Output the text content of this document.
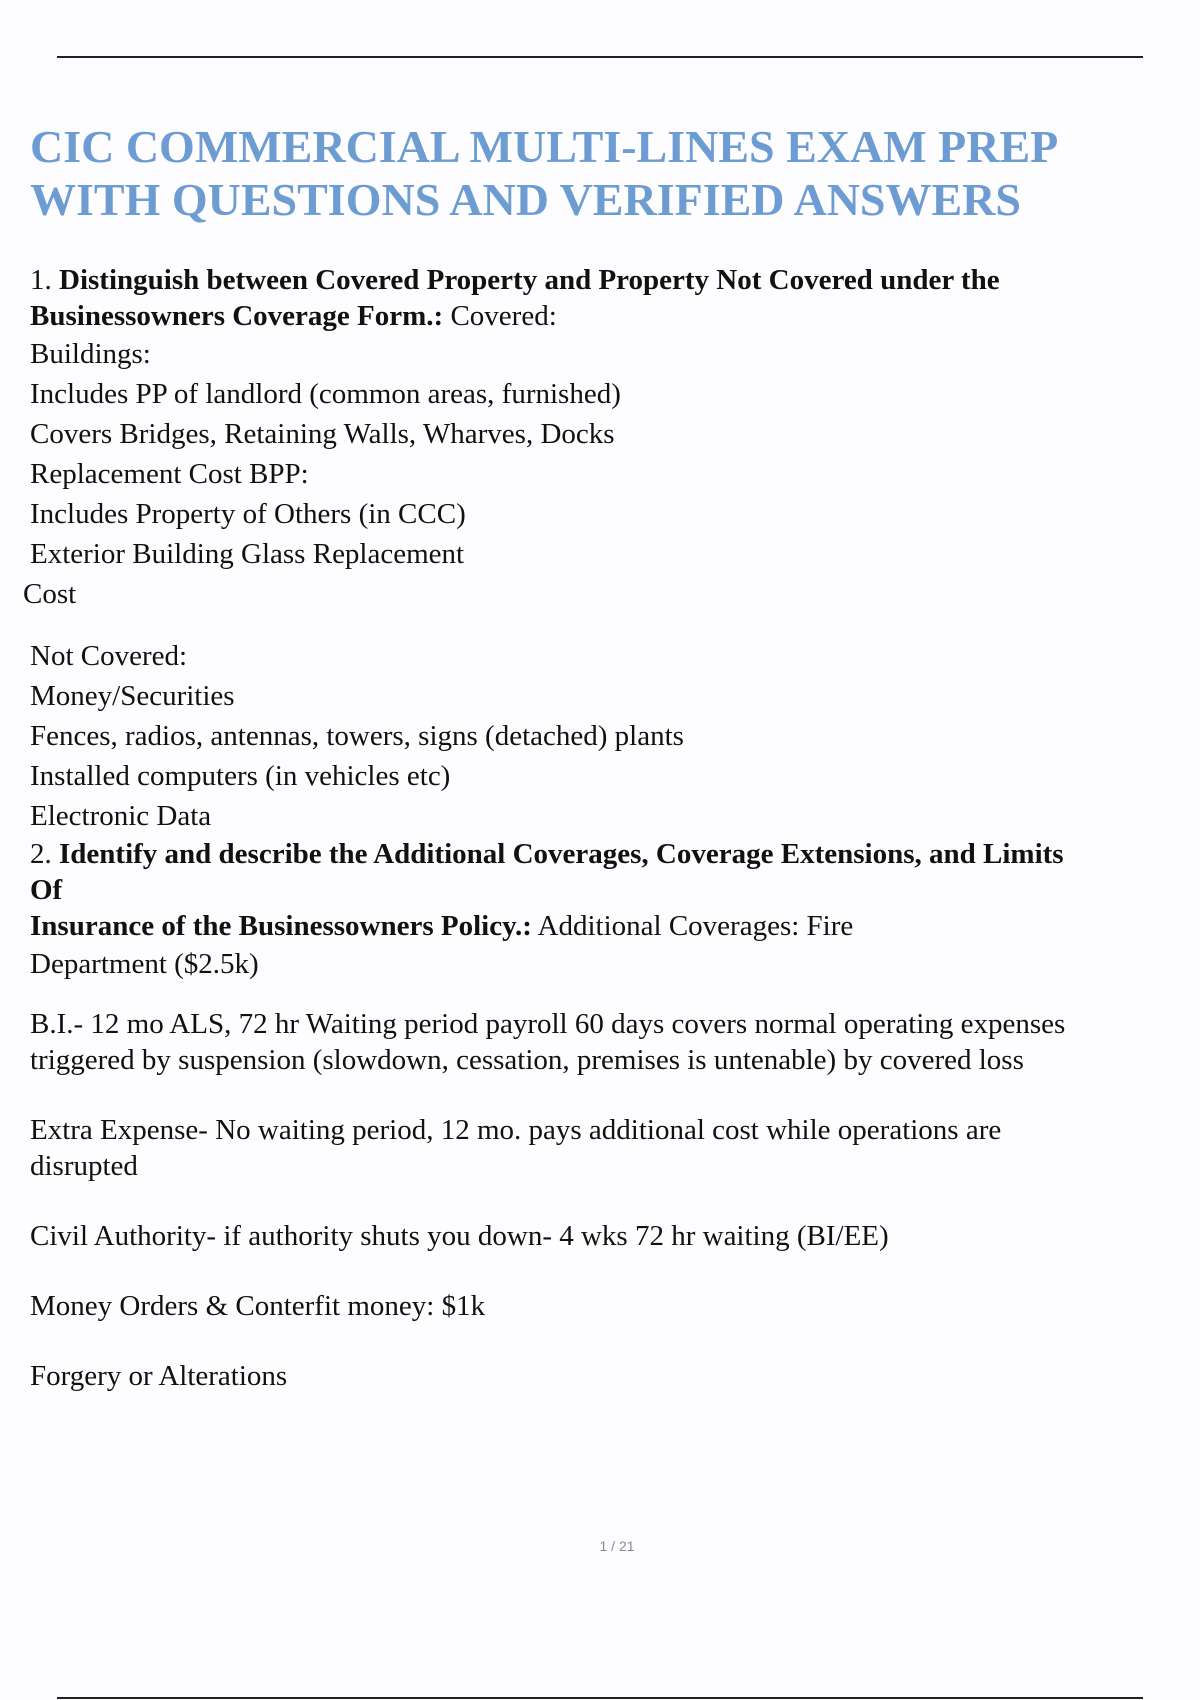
CIC COMMERCIAL MULTI-LINES EXAM PREP
WITH QUESTIONS AND VERIFIED ANSWERS
1. Distinguish between Covered Property and Property Not Covered under the
Businessowners Coverage Form.: Covered:
Buildings:
Includes PP of landlord (common areas, furnished)
Covers Bridges, Retaining Walls, Wharves, Docks
Replacement Cost BPP:
Includes Property of Others (in CCC)
Exterior Building Glass Replacement
Cost
Not Covered:
Money/Securities
Fences, radios, antennas, towers, signs (detached) plants
Installed computers (in vehicles etc)
Electronic Data
2. Identify and describe the Additional Coverages, Coverage Extensions, and Limits
Of
Insurance of the Businessowners Policy.: Additional Coverages: Fire
Department ($2.5k)
B.I.- 12 mo ALS, 72 hr Waiting period payroll 60 days covers normal operating expenses
triggered by suspension (slowdown, cessation, premises is untenable) by covered loss
Extra Expense- No waiting period, 12 mo. pays additional cost while operations are
disrupted
Civil Authority- if authority shuts you down- 4 wks 72 hr waiting (BI/EE)
Money Orders & Conterfit money: $1k
Forgery or Alterations
1 / 21
